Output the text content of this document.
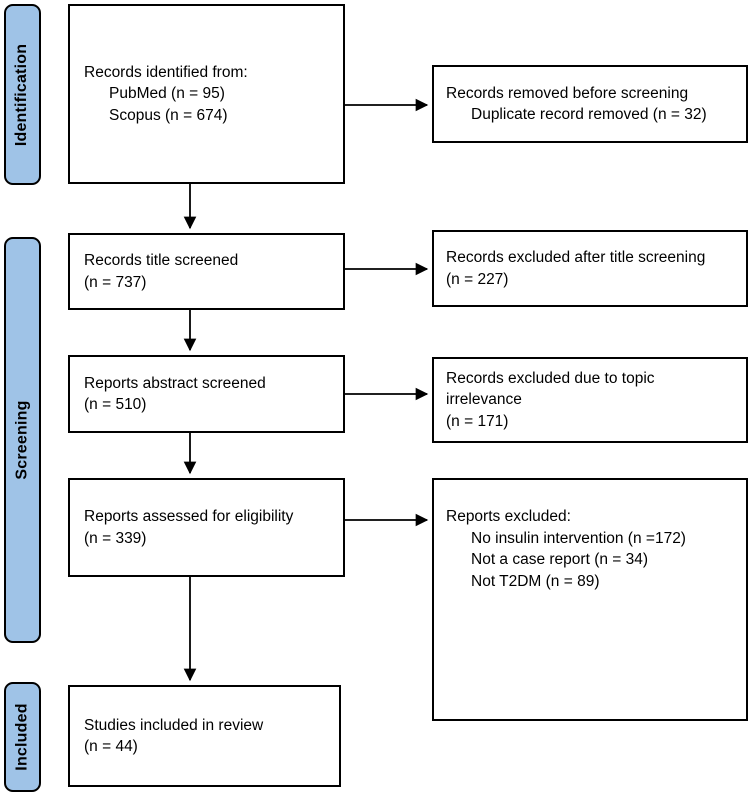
Identification
Screening
Included
Records identified from:
PubMed (n = 95)
Scopus (n = 674)
Records title screened
(n = 737)
Reports abstract screened
(n = 510)
Reports assessed for eligibility
(n = 339)
Studies included in review
(n = 44)
Records removed before screening
Duplicate record removed (n = 32)
Records excluded after title screening
(n = 227)
Records excluded due to topic
irrelevance
(n = 171)
Reports excluded:
No insulin intervention (n =172)
Not a case report (n = 34)
Not T2DM (n = 89)
